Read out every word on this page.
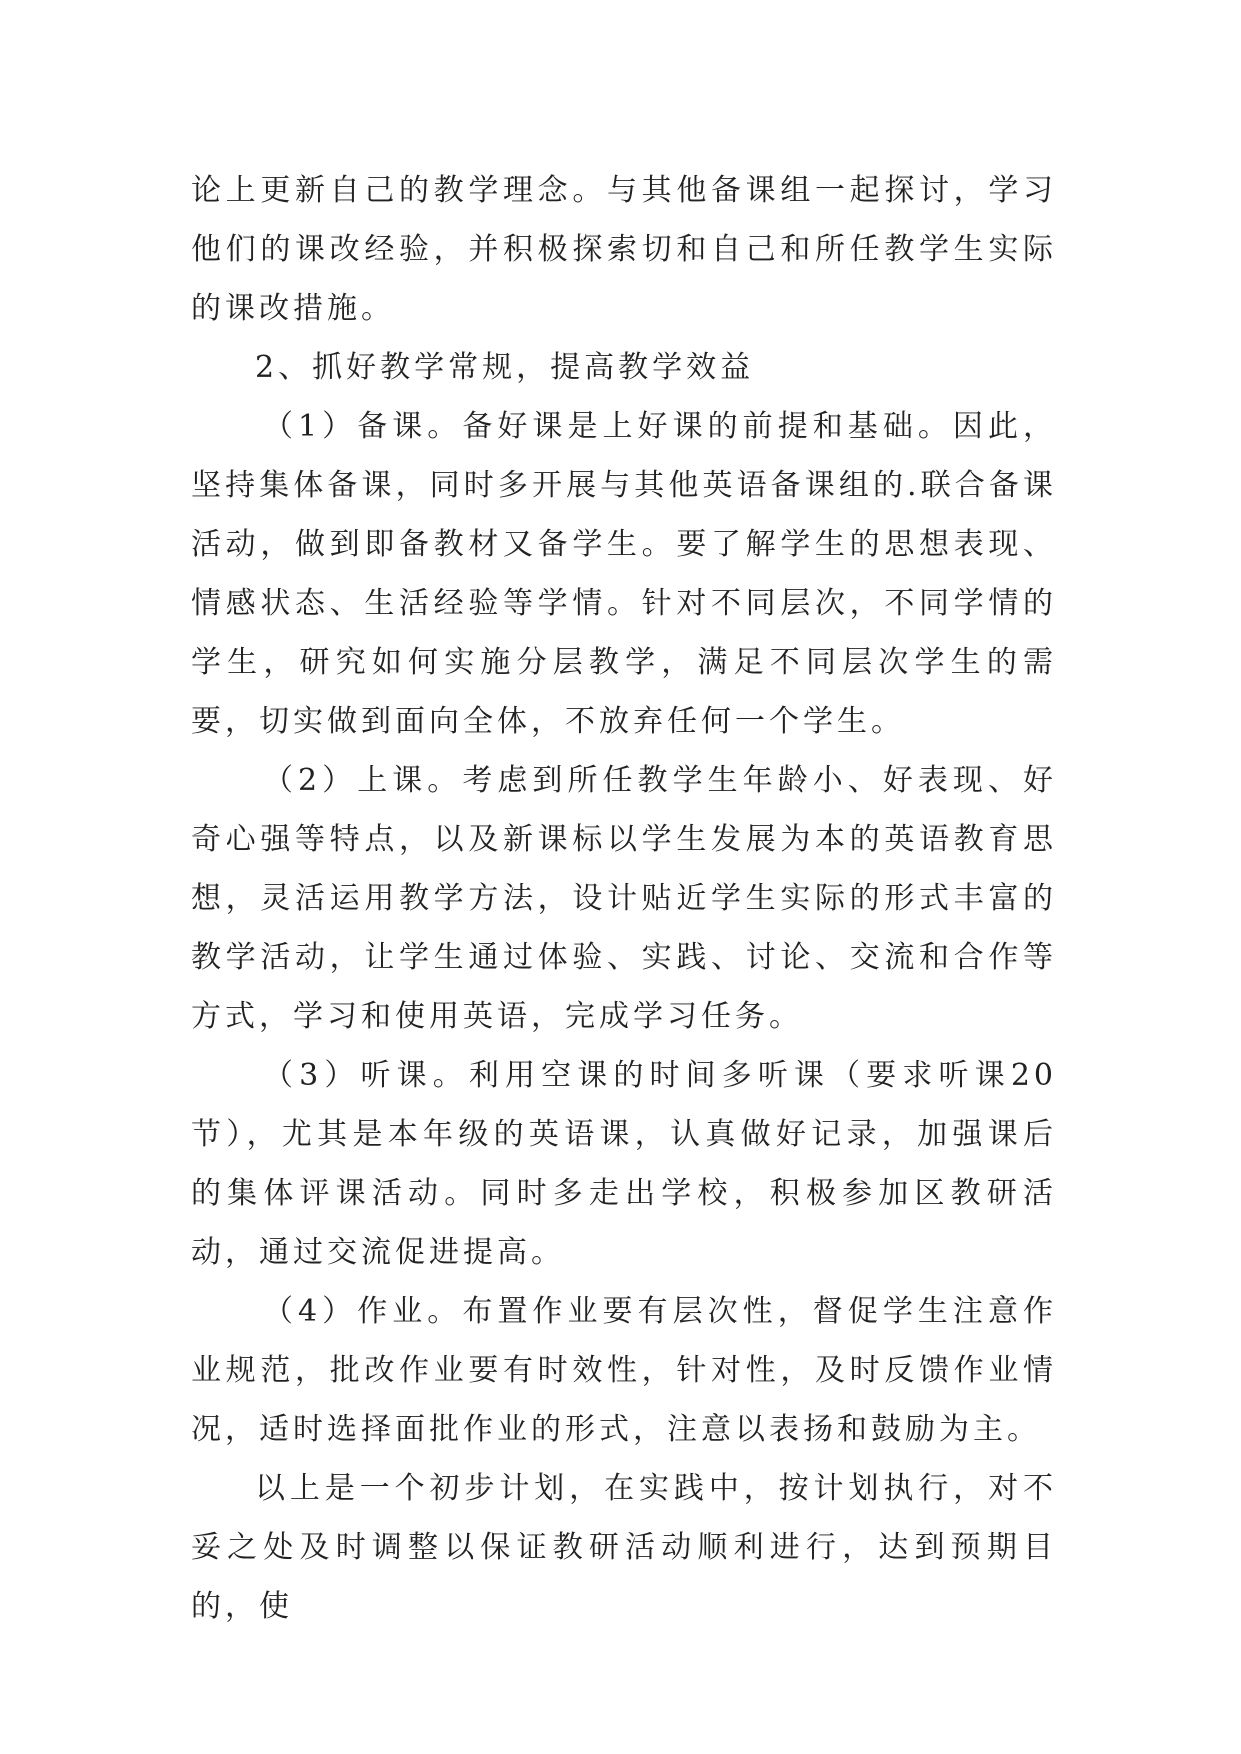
论上更新自己的教学理念。与其他备课组一起探讨，学习他们的课改经验，并积极探索切和自己和所任教学生实际的课改措施。

2、抓好教学常规，提高教学效益

（1）备课。备好课是上好课的前提和基础。因此，坚持集体备课，同时多开展与其他英语备课组的.联合备课活动，做到即备教材又备学生。要了解学生的思想表现、情感状态、生活经验等学情。针对不同层次，不同学情的学生，研究如何实施分层教学，满足不同层次学生的需要，切实做到面向全体，不放弃任何一个学生。

（2）上课。考虑到所任教学生年龄小、好表现、好奇心强等特点，以及新课标以学生发展为本的英语教育思想，灵活运用教学方法，设计贴近学生实际的形式丰富的教学活动，让学生通过体验、实践、讨论、交流和合作等方式，学习和使用英语，完成学习任务。

（3）听课。利用空课的时间多听课（要求听课20节），尤其是本年级的英语课，认真做好记录，加强课后的集体评课活动。同时多走出学校，积极参加区教研活动，通过交流促进提高。

（4）作业。布置作业要有层次性，督促学生注意作业规范，批改作业要有时效性，针对性，及时反馈作业情况，适时选择面批作业的形式，注意以表扬和鼓励为主。

以上是一个初步计划，在实践中，按计划执行，对不妥之处及时调整以保证教研活动顺利进行，达到预期目的，使
